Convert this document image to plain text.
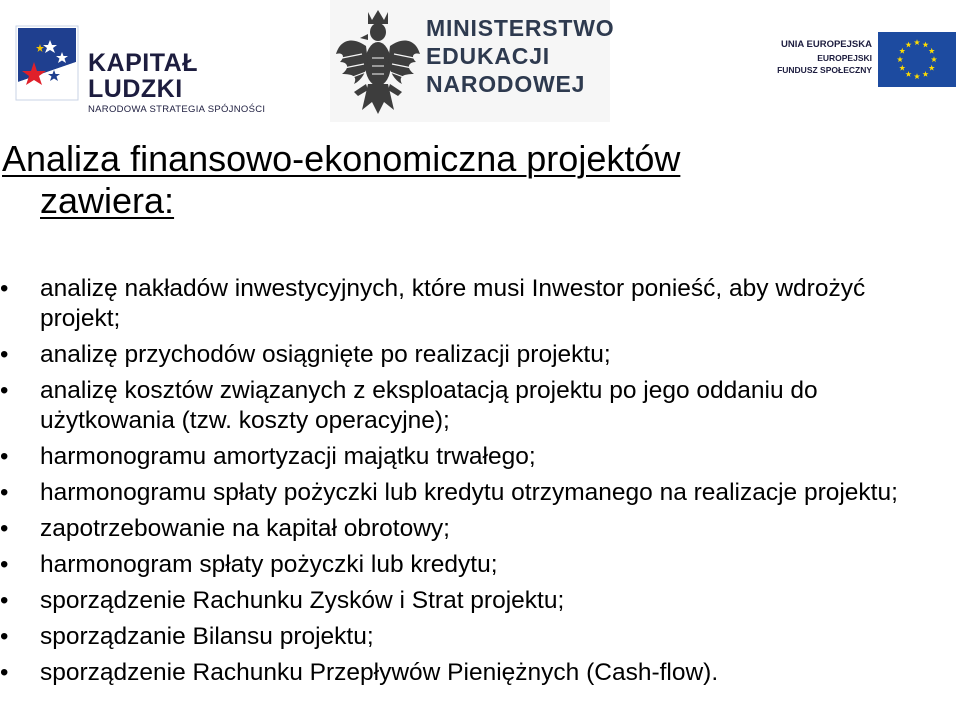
KAPITAŁ LUDZKI
NARODOWA STRATEGIA SPÓJNOŚCI
MINISTERSTWO
EDUKACJI
NARODOWEJ
UNIA EUROPEJSKA
EUROPEJSKI
FUNDUSZ SPOŁECZNY
Analiza finansowo-ekonomiczna projektów
zawiera:
• analizę nakładów inwestycyjnych, które musi Inwestor ponieść, aby wdrożyć projekt;
• analizę przychodów osiągnięte po realizacji projektu;
• analizę kosztów związanych z eksploatacją projektu po jego oddaniu do użytkowania (tzw. koszty operacyjne);
• harmonogramu amortyzacji majątku trwałego;
• harmonogramu spłaty pożyczki lub kredytu otrzymanego na realizacje projektu;
• zapotrzebowanie na kapitał obrotowy;
• harmonogram spłaty pożyczki lub kredytu;
• sporządzenie Rachunku Zysków i Strat projektu;
• sporządzanie Bilansu projektu;
• sporządzenie Rachunku Przepływów Pieniężnych (Cash-flow).
